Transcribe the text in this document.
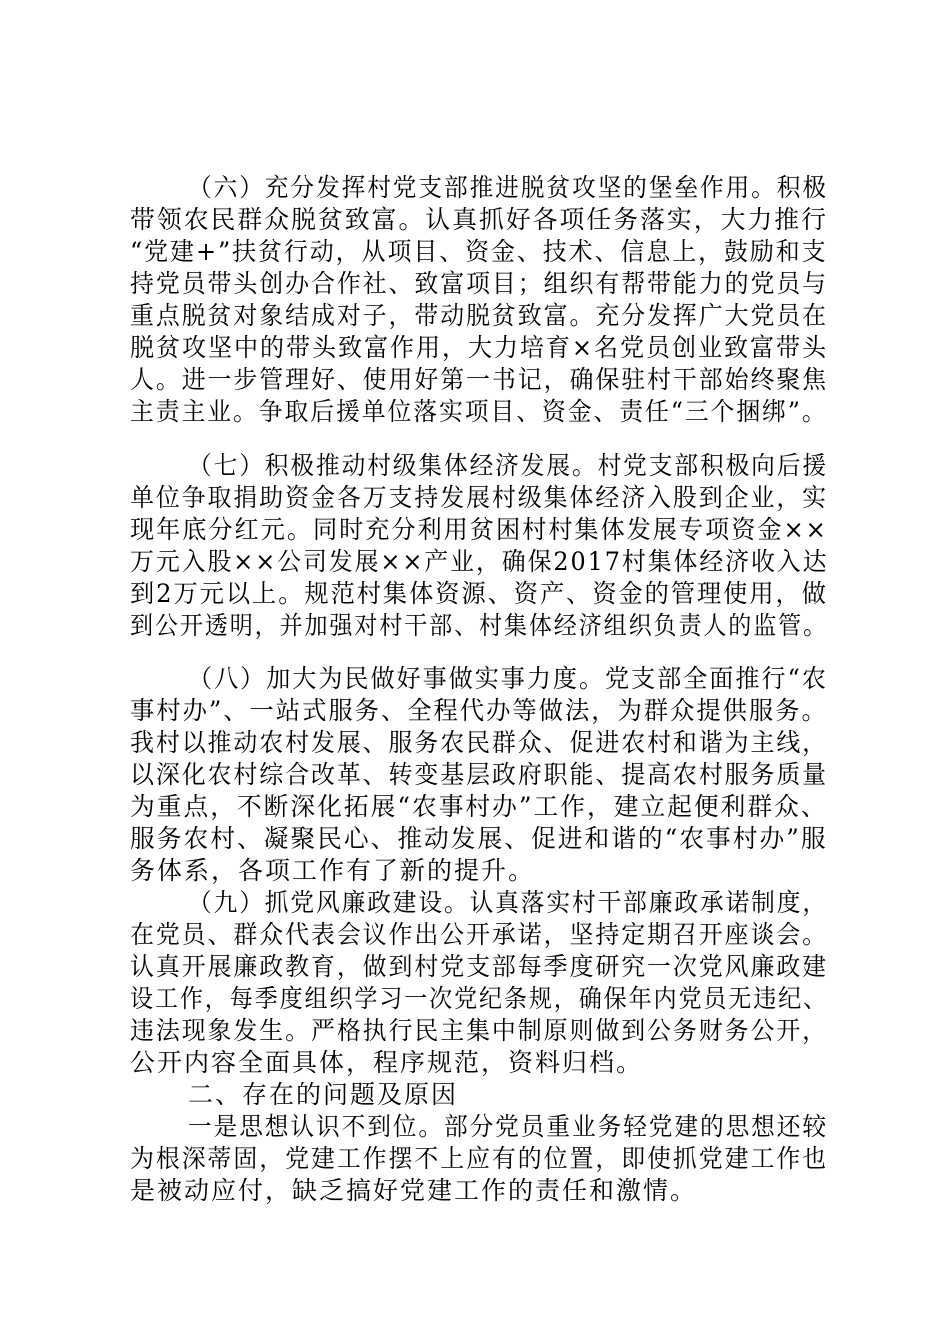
（六）充分发挥村党支部推进脱贫攻坚的堡垒作用。积极
带领农民群众脱贫致富。认真抓好各项任务落实，大力推行
“党建+”扶贫行动，从项目、资金、技术、信息上，鼓励和支
持党员带头创办合作社、致富项目；组织有帮带能力的党员与
重点脱贫对象结成对子，带动脱贫致富。充分发挥广大党员在
脱贫攻坚中的带头致富作用，大力培育×名党员创业致富带头
人。进一步管理好、使用好第一书记，确保驻村干部始终聚焦
主责主业。争取后援单位落实项目、资金、责任“三个捆绑”。
（七）积极推动村级集体经济发展。村党支部积极向后援
单位争取捐助资金各万支持发展村级集体经济入股到企业，实
现年底分红元。同时充分利用贫困村村集体发展专项资金××
万元入股××公司发展××产业，确保2017村集体经济收入达
到2万元以上。规范村集体资源、资产、资金的管理使用，做
到公开透明，并加强对村干部、村集体经济组织负责人的监管。
（八）加大为民做好事做实事力度。党支部全面推行“农
事村办”、一站式服务、全程代办等做法，为群众提供服务。
我村以推动农村发展、服务农民群众、促进农村和谐为主线，
以深化农村综合改革、转变基层政府职能、提高农村服务质量
为重点，不断深化拓展“农事村办”工作，建立起便利群众、
服务农村、凝聚民心、推动发展、促进和谐的“农事村办”服
务体系，各项工作有了新的提升。
（九）抓党风廉政建设。认真落实村干部廉政承诺制度，
在党员、群众代表会议作出公开承诺，坚持定期召开座谈会。
认真开展廉政教育，做到村党支部每季度研究一次党风廉政建
设工作，每季度组织学习一次党纪条规，确保年内党员无违纪、
违法现象发生。严格执行民主集中制原则做到公务财务公开，
公开内容全面具体，程序规范，资料归档。
二、存在的问题及原因
一是思想认识不到位。部分党员重业务轻党建的思想还较
为根深蒂固，党建工作摆不上应有的位置，即使抓党建工作也
是被动应付，缺乏搞好党建工作的责任和激情。
